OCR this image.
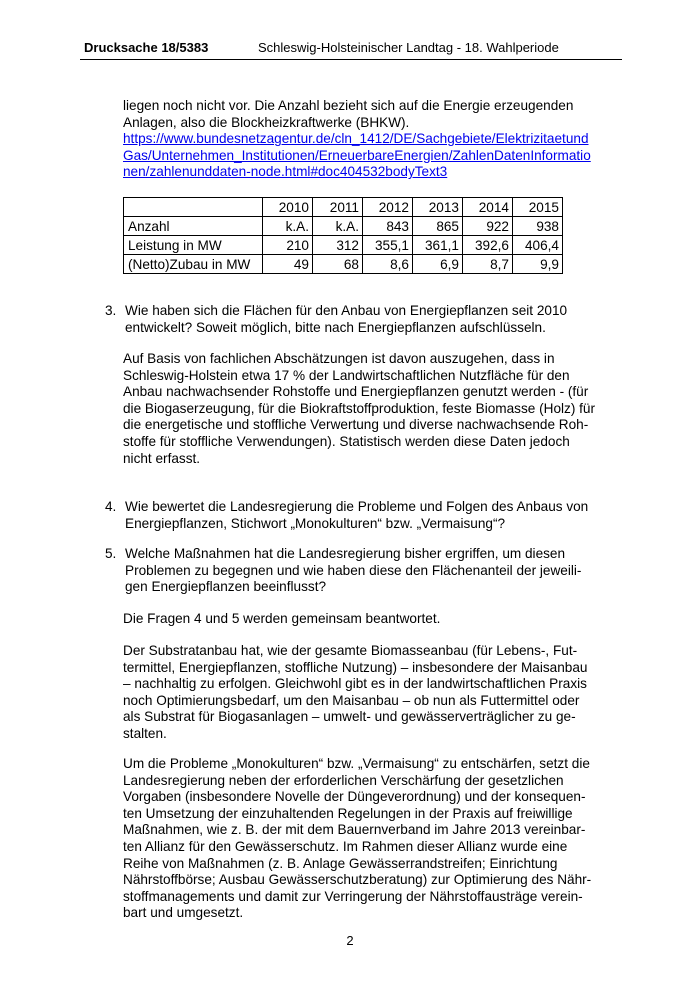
Drucksache 18/5383	Schleswig-Holsteinischer Landtag - 18. Wahlperiode
liegen noch nicht vor. Die Anzahl bezieht sich auf die Energie erzeugenden
Anlagen, also die Blockheizkraftwerke (BHKW).
https://www.bundesnetzagentur.de/cln_1412/DE/Sachgebiete/Elektrizitaetund
Gas/Unternehmen_Institutionen/ErneuerbareEnergien/ZahlenDatenInformatio
nen/zahlenunddaten-node.html#doc404532bodyText3
	2010	2011	2012	2013	2014	2015
Anzahl	k.A.	k.A.	843	865	922	938
Leistung in MW	210	312	355,1	361,1	392,6	406,4
(Netto)Zubau in MW	49	68	8,6	6,9	8,7	9,9
3. Wie haben sich die Flächen für den Anbau von Energiepflanzen seit 2010
entwickelt? Soweit möglich, bitte nach Energiepflanzen aufschlüsseln.
Auf Basis von fachlichen Abschätzungen ist davon auszugehen, dass in
Schleswig-Holstein etwa 17 % der Landwirtschaftlichen Nutzfläche für den
Anbau nachwachsender Rohstoffe und Energiepflanzen genutzt werden - (für
die Biogaserzeugung, für die Biokraftstoffproduktion, feste Biomasse (Holz) für
die energetische und stoffliche Verwertung und diverse nachwachsende Roh-
stoffe für stoffliche Verwendungen). Statistisch werden diese Daten jedoch
nicht erfasst.
4. Wie bewertet die Landesregierung die Probleme und Folgen des Anbaus von
Energiepflanzen, Stichwort „Monokulturen“ bzw. „Vermaisung“?
5. Welche Maßnahmen hat die Landesregierung bisher ergriffen, um diesen
Problemen zu begegnen und wie haben diese den Flächenanteil der jeweili-
gen Energiepflanzen beeinflusst?
Die Fragen 4 und 5 werden gemeinsam beantwortet.
Der Substratanbau hat, wie der gesamte Biomasseanbau (für Lebens-, Fut-
termittel, Energiepflanzen, stoffliche Nutzung) – insbesondere der Maisanbau
– nachhaltig zu erfolgen. Gleichwohl gibt es in der landwirtschaftlichen Praxis
noch Optimierungsbedarf, um den Maisanbau – ob nun als Futtermittel oder
als Substrat für Biogasanlagen – umwelt- und gewässerverträglicher zu ge-
stalten.
Um die Probleme „Monokulturen“ bzw. „Vermaisung“ zu entschärfen, setzt die
Landesregierung neben der erforderlichen Verschärfung der gesetzlichen
Vorgaben (insbesondere Novelle der Düngeverordnung) und der konsequen-
ten Umsetzung der einzuhaltenden Regelungen in der Praxis auf freiwillige
Maßnahmen, wie z. B. der mit dem Bauernverband im Jahre 2013 vereinbar-
ten Allianz für den Gewässerschutz. Im Rahmen dieser Allianz wurde eine
Reihe von Maßnahmen (z. B. Anlage Gewässerrandstreifen; Einrichtung
Nährstoffbörse; Ausbau Gewässerschutzberatung) zur Optimierung des Nähr-
stoffmanagements und damit zur Verringerung der Nährstoffausträge verein-
bart und umgesetzt.
2
